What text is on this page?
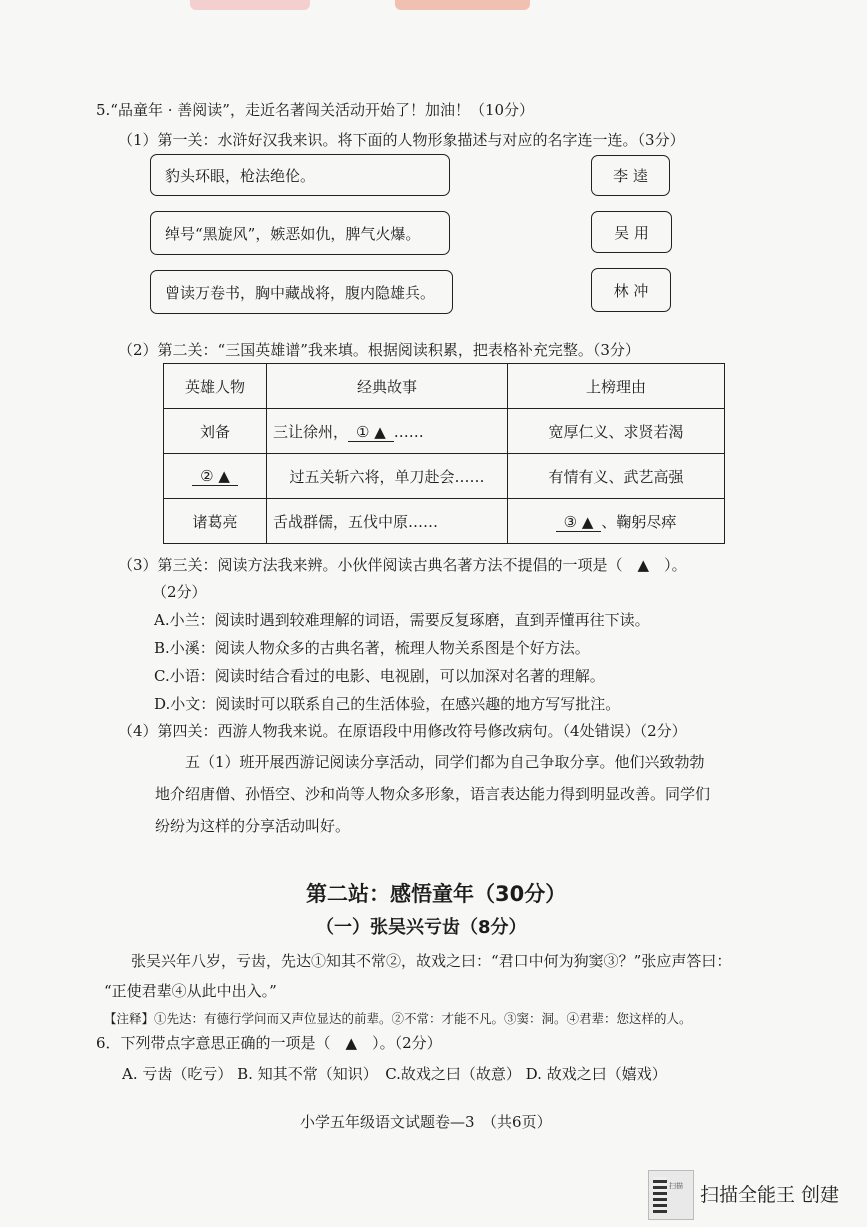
5.“品童年 · 善阅读”，走近名著闯关活动开始了！加油！（10分）
（1）第一关：水浒好汉我来识。将下面的人物形象描述与对应的名字连一连。（3分）
豹头环眼，枪法绝伦。
绰号“黑旋风”，嫉恶如仇，脾气火爆。
曾读万卷书，胸中藏战将，腹内隐雄兵。
李 逵
吴 用
林 冲
（2）第二关：“三国英雄谱”我来填。根据阅读积累，把表格补充完整。（3分）
英雄人物	经典故事	上榜理由
刘备	三让徐州， ① ▲ ……	宽厚仁义、求贤若渴
② ▲	过五关斩六将，单刀赴会……	有情有义、武艺高强
诸葛亮	舌战群儒，五伐中原……	③ ▲ 、鞠躬尽瘁
（3）第三关：阅读方法我来辨。小伙伴阅读古典名著方法不提倡的一项是（　▲　）。
（2分）
A.小兰：阅读时遇到较难理解的词语，需要反复琢磨，直到弄懂再往下读。
B.小溪：阅读人物众多的古典名著，梳理人物关系图是个好方法。
C.小语：阅读时结合看过的电影、电视剧，可以加深对名著的理解。
D.小文：阅读时可以联系自己的生活体验，在感兴趣的地方写写批注。
（4）第四关：西游人物我来说。在原语段中用修改符号修改病句。（4处错误）（2分）
五（1）班开展西游记阅读分享活动，同学们都为自己争取分享。他们兴致勃勃
地介绍唐僧、孙悟空、沙和尚等人物众多形象，语言表达能力得到明显改善。同学们
纷纷为这样的分享活动叫好。
第二站：感悟童年（30分）
（一）张吴兴亏齿（8分）
张吴兴年八岁，亏齿，先达①知其不常②，故戏之曰：“君口中何为狗窦③？”张应声答曰：
“正使君辈④从此中出入。”
【注释】①先达：有德行学问而又声位显达的前辈。②不常：才能不凡。③窦：洞。④君辈：您这样的人。
6．下列带点字意思正确的一项是（　▲　）。（2分）
A. 亏齿（吃亏） B. 知其不常（知识）　C.故戏之曰（故意） D. 故戏之曰（嬉戏）
小学五年级语文试题卷—3　（共6页）
扫描 扫描全能王 创建
